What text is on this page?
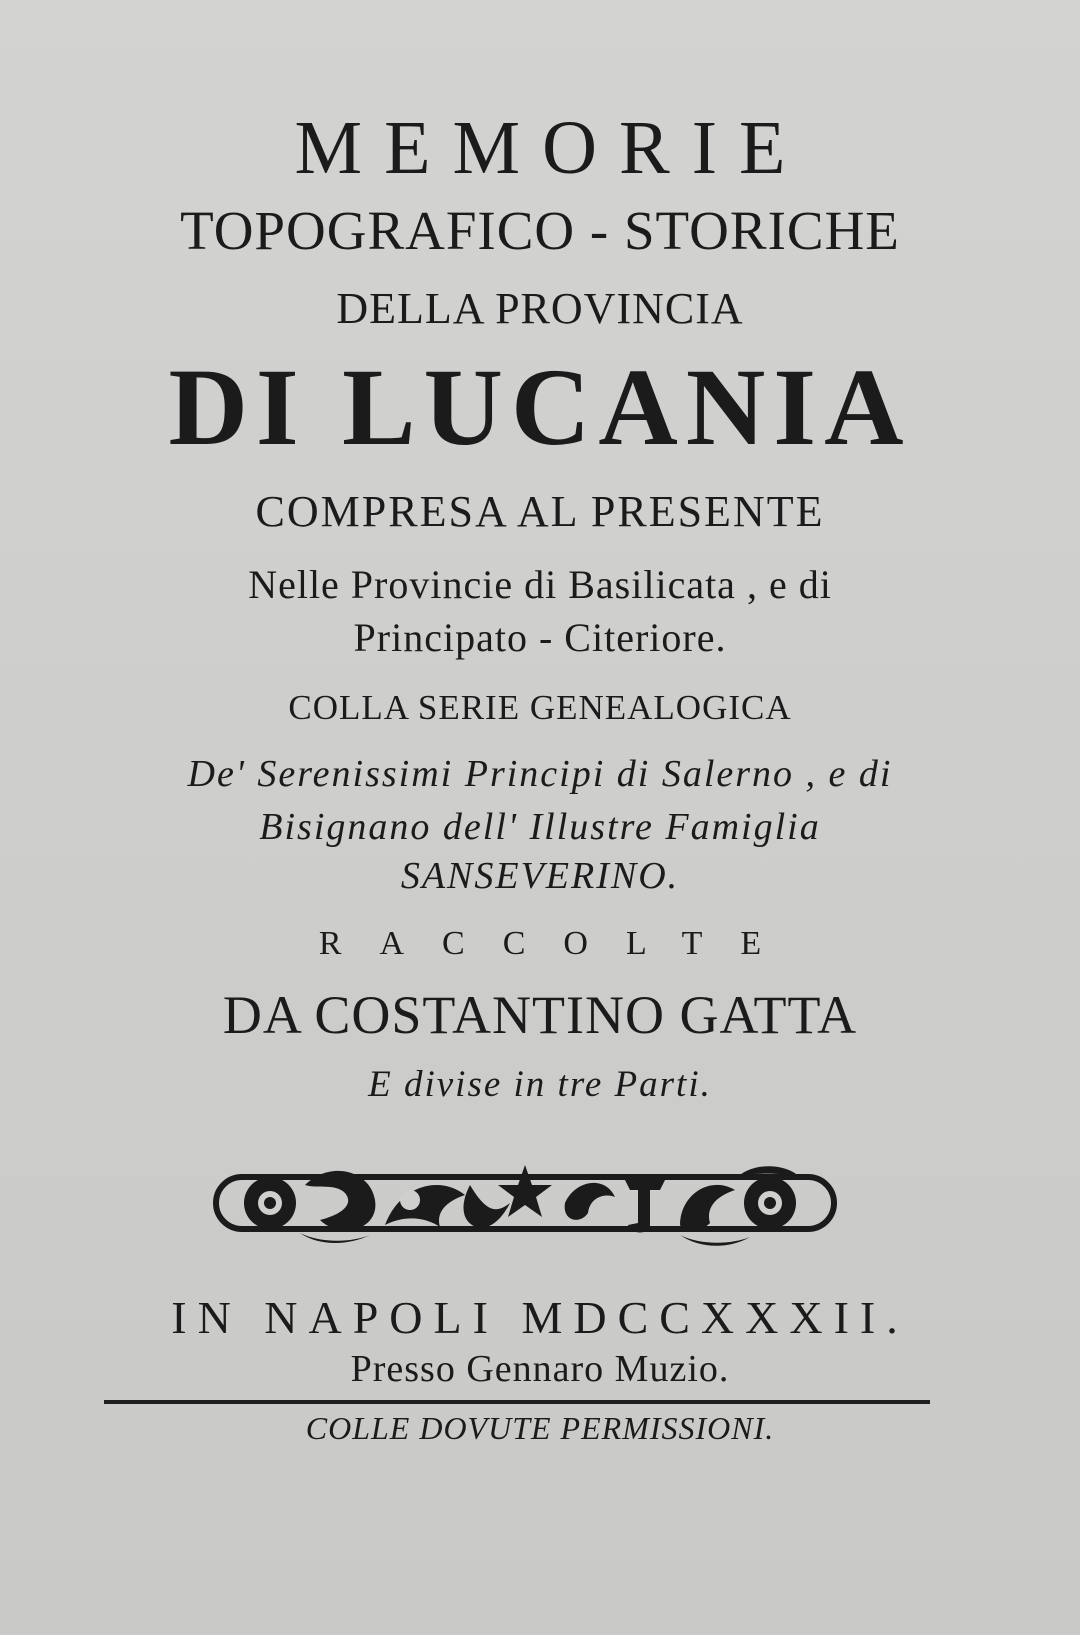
MEMORIE
TOPOGRAFICO - STORICHE
DELLA PROVINCIA
DI LUCANIA
COMPRESA AL PRESENTE
Nelle Provincie di Basilicata , e di
Principato - Citeriore.
COLLA SERIE GENEALOGICA
De' Serenissimi Principi di Salerno , e di
Bisignano dell' Illustre Famiglia
SANSEVERINO.
RACCOLTE
DA COSTANTINO GATTA
E divise in tre Parti.
IN NAPOLI MDCCXXXII.
Presso Gennaro Muzio.
COLLE DOVUTE PERMISSIONI.
